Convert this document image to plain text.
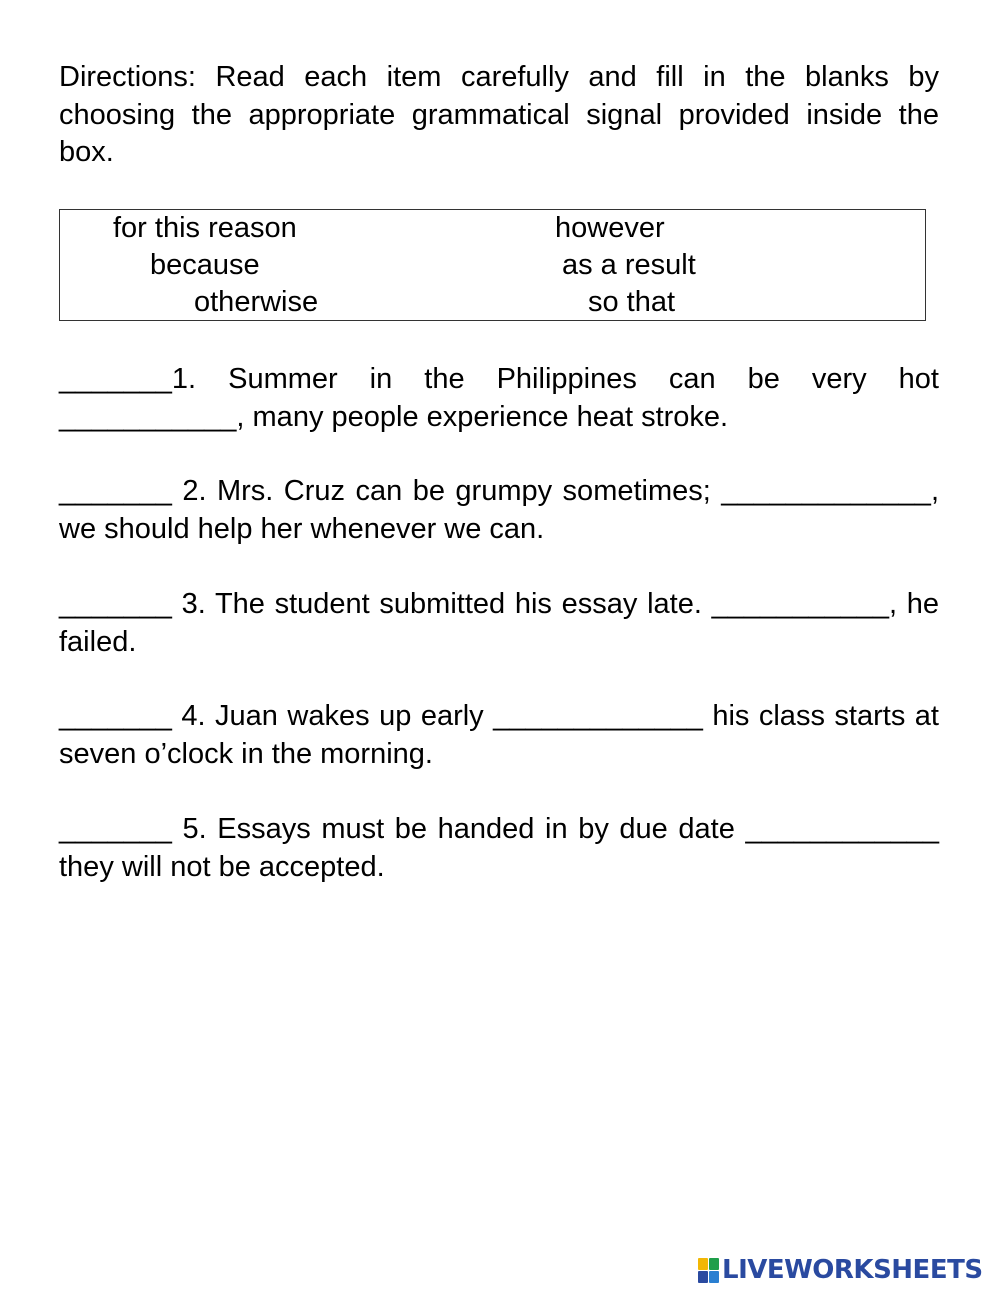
Directions: Read each item carefully and fill in the blanks by choosing the appropriate grammatical signal provided inside the box.
for this reason	however
because	as a result
otherwise	so that
_______1. Summer in the Philippines can be very hot ___________, many people experience heat stroke.
_______ 2. Mrs. Cruz can be grumpy sometimes; _____________, we should help her whenever we can.
_______ 3. The student submitted his essay late. ___________, he failed.
_______ 4. Juan wakes up early _____________ his class starts at seven o’clock in the morning.
_______ 5. Essays must be handed in by due date ____________ they will not be accepted.
LIVEWORKSHEETS
